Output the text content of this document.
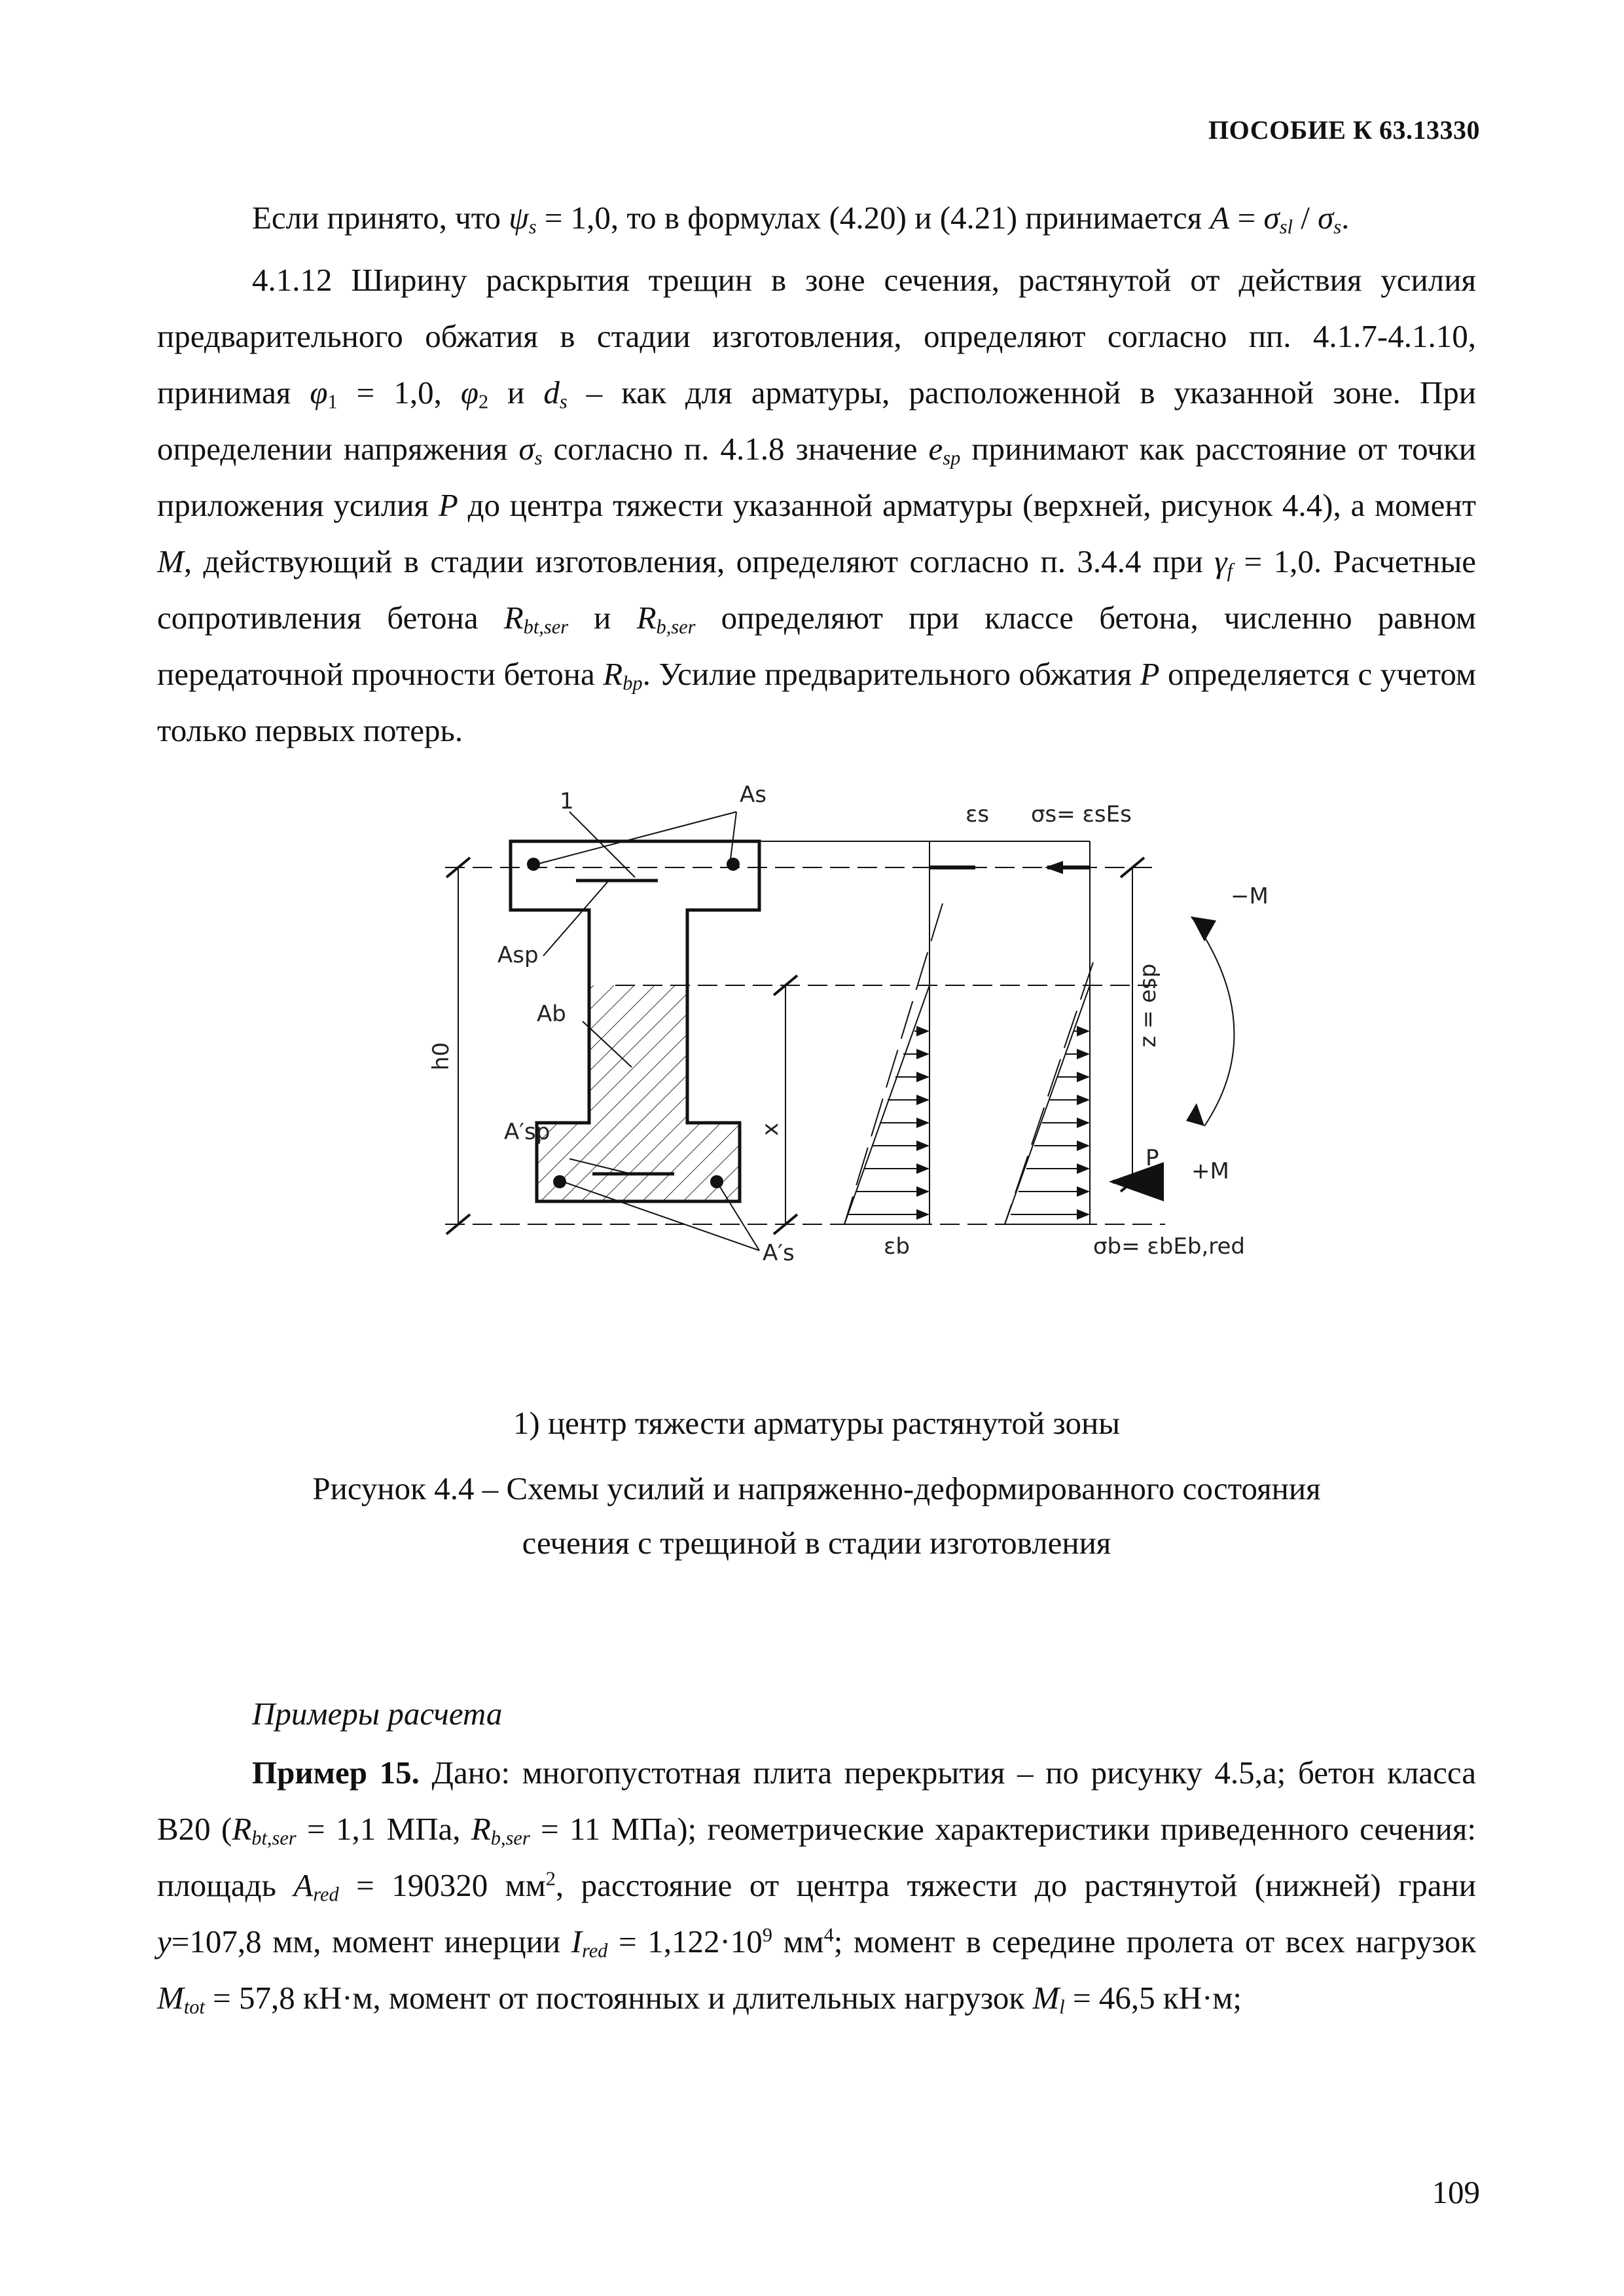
ПОСОБИЕ К 63.13330
Если принято, что $\psi_s = 1,0$, то в формулах (4.20) и (4.21) принимается $A = \sigma_{sl} / \sigma_s$.
4.1.12 Ширину раскрытия трещин в зоне сечения, растянутой от действия усилия предварительного обжатия в стадии изготовления, определяют согласно пп. 4.1.7-4.1.10, принимая $\varphi_1 = 1,0$, $\varphi_2$ и $d_s$ – как для арматуры, расположенной в указанной зоне. При определении напряжения $\sigma_s$ согласно п. 4.1.8 значение $e_{sp}$ принимают как расстояние от точки приложения усилия P до центра тяжести указанной арматуры (верхней, рисунок 4.4), а момент M, действующий в стадии изготовления, определяют согласно п. 3.4.4 при $\gamma_f = 1,0$. Расчетные сопротивления бетона $R_{bt,ser}$ и $R_{b,ser}$ определяют при классе бетона, численно равном передаточной прочности бетона $R_{bp}$. Усилие предварительного обжатия P определяется с учетом только первых потерь.
h0
x
z = esp
P
−M
+M
1	As
Asp
Ab
A′sp
A′s
εs σs= εsEs
εb	σb= εbEb,red
1) центр тяжести арматуры растянутой зоны
Рисунок 4.4 – Схемы усилий и напряженно-деформированного состояния
сечения с трещиной в стадии изготовления
Примеры расчета
Пример 15. Дано: многопустотная плита перекрытия – по рисунку 4.5,а; бетон класса B20 ($R_{bt,ser} = 1,1$ МПа, $R_{b,ser} = 11$ МПа); геометрические характеристики приведенного сечения: площадь $A_{red} = 190320$ $мм^2$, расстояние от центра тяжести до растянутой (нижней) грани y=107,8 мм, момент инерции $I_{red} = 1,122\cdot 10^9$ $мм^4$; момент в середине пролета от всех нагрузок $M_{tot} = 57,8$ кН·м, момент от постоянных и длительных нагрузок $M_l = 46,5$ кН·м;
109
